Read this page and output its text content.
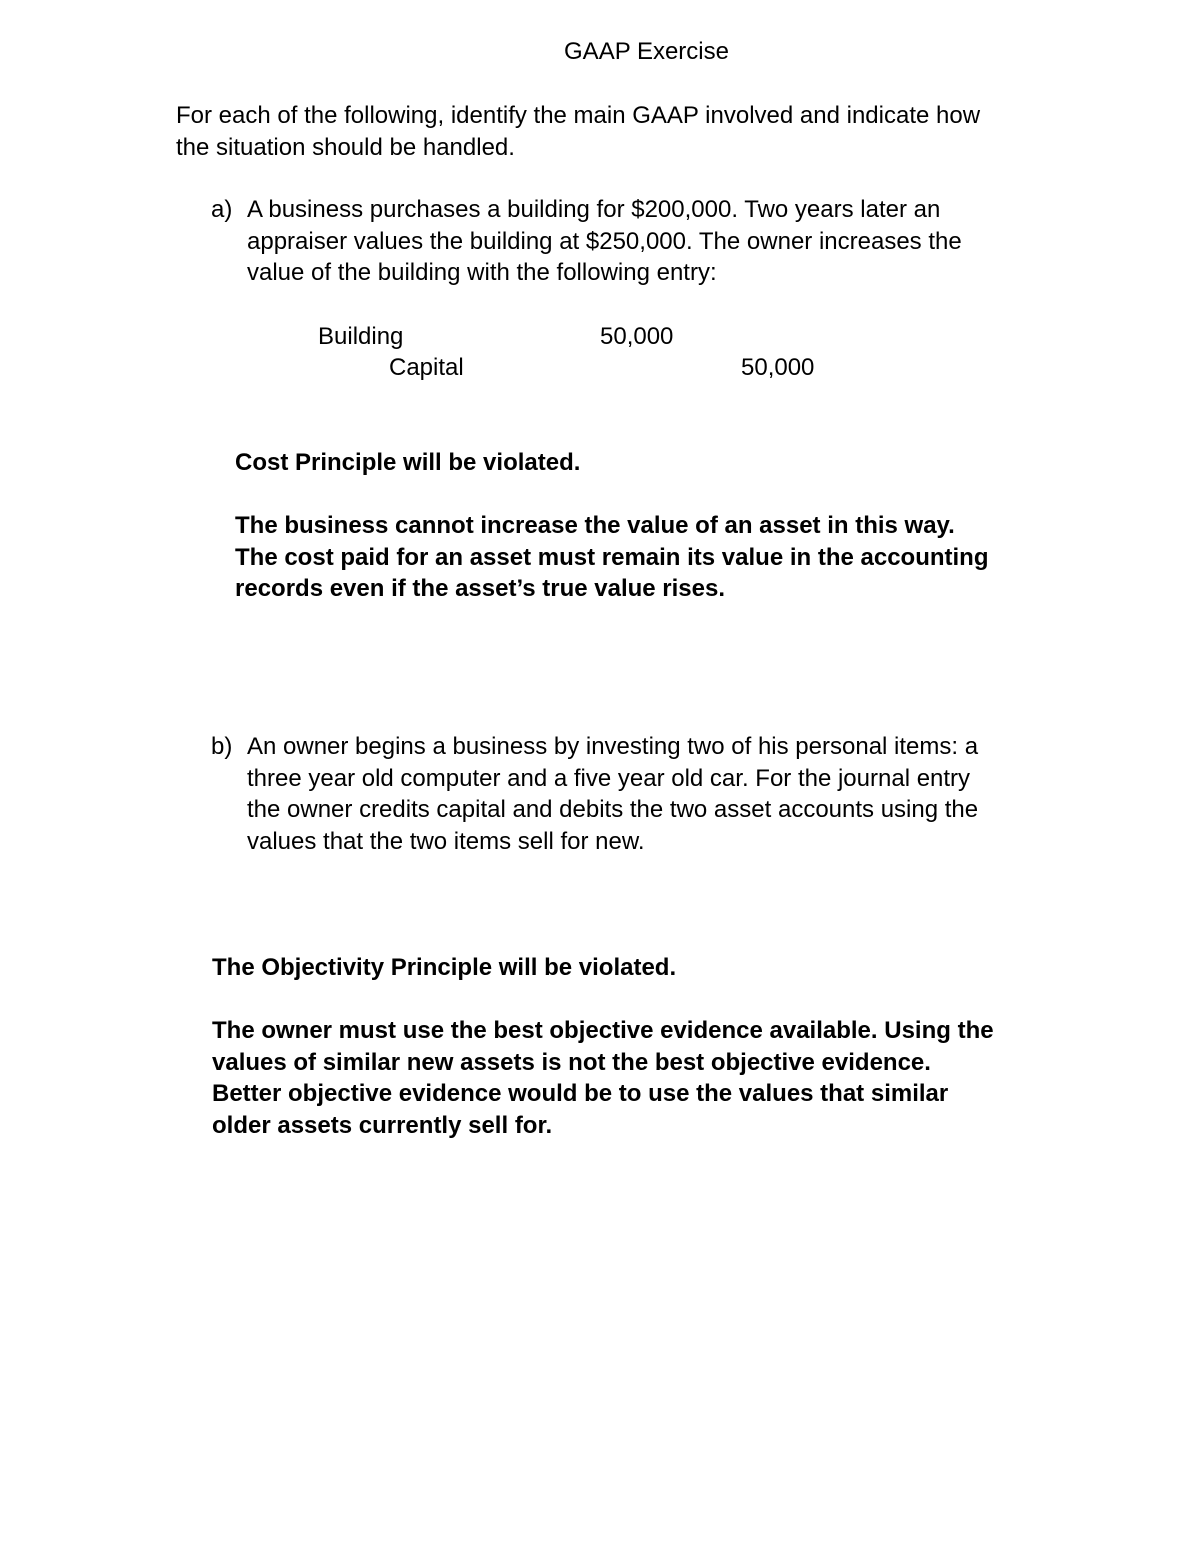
GAAP Exercise
For each of the following, identify the main GAAP involved and indicate how
the situation should be handled.
a) A business purchases a building for $200,000. Two years later an
appraiser values the building at $250,000. The owner increases the
value of the building with the following entry:
Building	50,000
Capital	50,000
Cost Principle will be violated.
The business cannot increase the value of an asset in this way.
The cost paid for an asset must remain its value in the accounting
records even if the asset’s true value rises.
b) An owner begins a business by investing two of his personal items: a
three year old computer and a five year old car. For the journal entry
the owner credits capital and debits the two asset accounts using the
values that the two items sell for new.
The Objectivity Principle will be violated.
The owner must use the best objective evidence available. Using the
values of similar new assets is not the best objective evidence.
Better objective evidence would be to use the values that similar
older assets currently sell for.
